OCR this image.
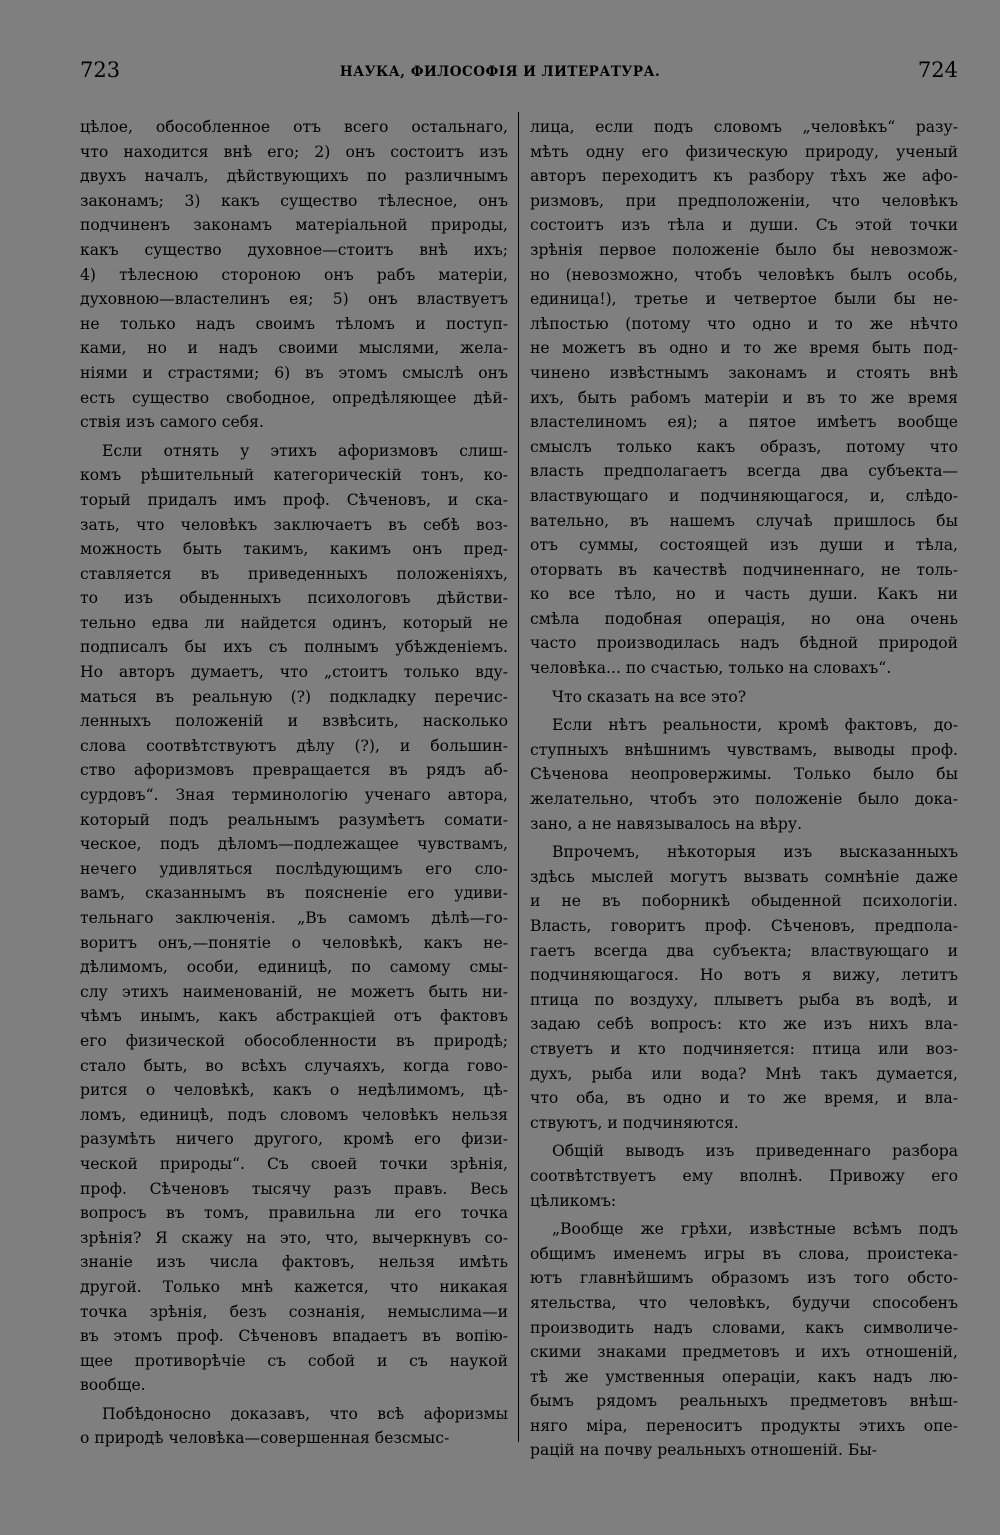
723	НАУКА, ФИЛОСОФІЯ И ЛИТЕРАТУРА.	724

цѣлое, обособленное отъ всего остальнаго,
что находится внѣ его; 2) онъ состоитъ изъ
двухъ началъ, дѣйствующихъ по различнымъ
законамъ; 3) какъ существо тѣлесное, онъ
подчиненъ законамъ матеріальной природы,
какъ существо духовное—стоитъ внѣ ихъ;
4) тѣлесною стороною онъ рабъ матеріи,
духовною—властелинъ ея; 5) онъ властвуетъ
не только надъ своимъ тѣломъ и поступ-
ками, но и надъ своими мыслями, жела-
ніями и страстями; 6) въ этомъ смыслѣ онъ
есть существо свободное, опредѣляющее дѣй-
ствія изъ самого себя.

Если отнять у этихъ афоризмовъ слиш-
комъ рѣшительный категорическій тонъ, ко-
торый придалъ имъ проф. Сѣченовъ, и ска-
зать, что человѣкъ заключаетъ въ себѣ воз-
можность быть такимъ, какимъ онъ пред-
ставляется въ приведенныхъ положеніяхъ,
то изъ обыденныхъ психологовъ дѣйстви-
тельно едва ли найдется одинъ, который не
подписалъ бы ихъ съ полнымъ убѣжденіемъ.
Но авторъ думаетъ, что „стоитъ только вду-
маться въ реальную (?) подкладку перечис-
ленныхъ положеній и взвѣсить, насколько
слова соотвѣтствуютъ дѣлу (?), и большин-
ство афоризмовъ превращается въ рядъ аб-
сурдовъ“. Зная терминологію ученаго автора,
который подъ реальнымъ разумѣетъ сомати-
ческое, подъ дѣломъ—подлежащее чувствамъ,
нечего удивляться послѣдующимъ его сло-
вамъ, сказаннымъ въ поясненіе его удиви-
тельнаго заключенія. „Въ самомъ дѣлѣ—го-
воритъ онъ,—понятіе о человѣкѣ, какъ не-
дѣлимомъ, особи, единицѣ, по самому смы-
слу этихъ наименованій, не можетъ быть ни-
чѣмъ инымъ, какъ абстракціей отъ фактовъ
его физической обособленности въ природѣ;
стало быть, во всѣхъ случаяхъ, когда гово-
рится о человѣкѣ, какъ о недѣлимомъ, цѣ-
ломъ, единицѣ, подъ словомъ человѣкъ нельзя
разумѣть ничего другого, кромѣ его физи-
ческой природы“. Съ своей точки зрѣнія,
проф. Сѣченовъ тысячу разъ правъ. Весь
вопросъ въ томъ, правильна ли его точка
зрѣнія? Я скажу на это, что, вычеркнувъ со-
знаніе изъ числа фактовъ, нельзя имѣть
другой. Только мнѣ кажется, что никакая
точка зрѣнія, безъ сознанія, немыслима—и
въ этомъ проф. Сѣченовъ впадаетъ въ вопію-
щее противорѣчіе съ собой и съ наукой
вообще.

Побѣдоносно доказавъ, что всѣ афоризмы
о природѣ человѣка—совершенная безсмыс-

лица, если подъ словомъ „человѣкъ“ разу-
мѣть одну его физическую природу, ученый
авторъ переходитъ къ разбору тѣхъ же афо-
ризмовъ, при предположеніи, что человѣкъ
состоитъ изъ тѣла и души. Съ этой точки
зрѣнія первое положеніе было бы невозмож-
но (невозможно, чтобъ человѣкъ былъ особь,
единица!), третье и четвертое были бы не-
лѣпостью (потому что одно и то же нѣчто
не можетъ въ одно и то же время быть под-
чинено извѣстнымъ законамъ и стоять внѣ
ихъ, быть рабомъ матеріи и въ то же время
властелиномъ ея); а пятое имѣетъ вообще
смыслъ только какъ образъ, потому что
власть предполагаетъ всегда два субъекта—
властвующаго и подчиняющагося, и, слѣдо-
вательно, въ нашемъ случаѣ пришлось бы
отъ суммы, состоящей изъ души и тѣла,
оторвать въ качествѣ подчиненнаго, не толь-
ко все тѣло, но и часть души. Какъ ни
смѣла подобная операція, но она очень
часто производилась надъ бѣдной природой
человѣка... по счастью, только на словахъ“.

Что сказать на все это?

Если нѣтъ реальности, кромѣ фактовъ, до-
ступныхъ внѣшнимъ чувствамъ, выводы проф.
Сѣченова неопровержимы. Только было бы
желательно, чтобъ это положеніе было дока-
зано, а не навязывалось на вѣру.

Впрочемъ, нѣкоторыя изъ высказанныхъ
здѣсь мыслей могутъ вызвать сомнѣніе даже
и не въ поборникѣ обыденной психологіи.
Власть, говоритъ проф. Сѣченовъ, предпола-
гаетъ всегда два субъекта; властвующаго и
подчиняющагося. Но вотъ я вижу, летитъ
птица по воздуху, плыветъ рыба въ водѣ, и
задаю себѣ вопросъ: кто же изъ нихъ вла-
ствуетъ и кто подчиняется: птица или воз-
духъ, рыба или вода? Мнѣ такъ думается,
что оба, въ одно и то же время, и вла-
ствуютъ, и подчиняются.

Общій выводъ изъ приведеннаго разбора
соотвѣтствуетъ ему вполнѣ. Привожу его
цѣликомъ:

„Вообще же грѣхи, извѣстные всѣмъ подъ
общимъ именемъ игры въ слова, проистека-
ютъ главнѣйшимъ образомъ изъ того обсто-
ятельства, что человѣкъ, будучи способенъ
производить надъ словами, какъ символиче-
скими знаками предметовъ и ихъ отношеній,
тѣ же умственныя операціи, какъ надъ лю-
бымъ рядомъ реальныхъ предметовъ внѣш-
няго міра, переноситъ продукты этихъ опе-
рацій на почву реальныхъ отношеній. Бы-
